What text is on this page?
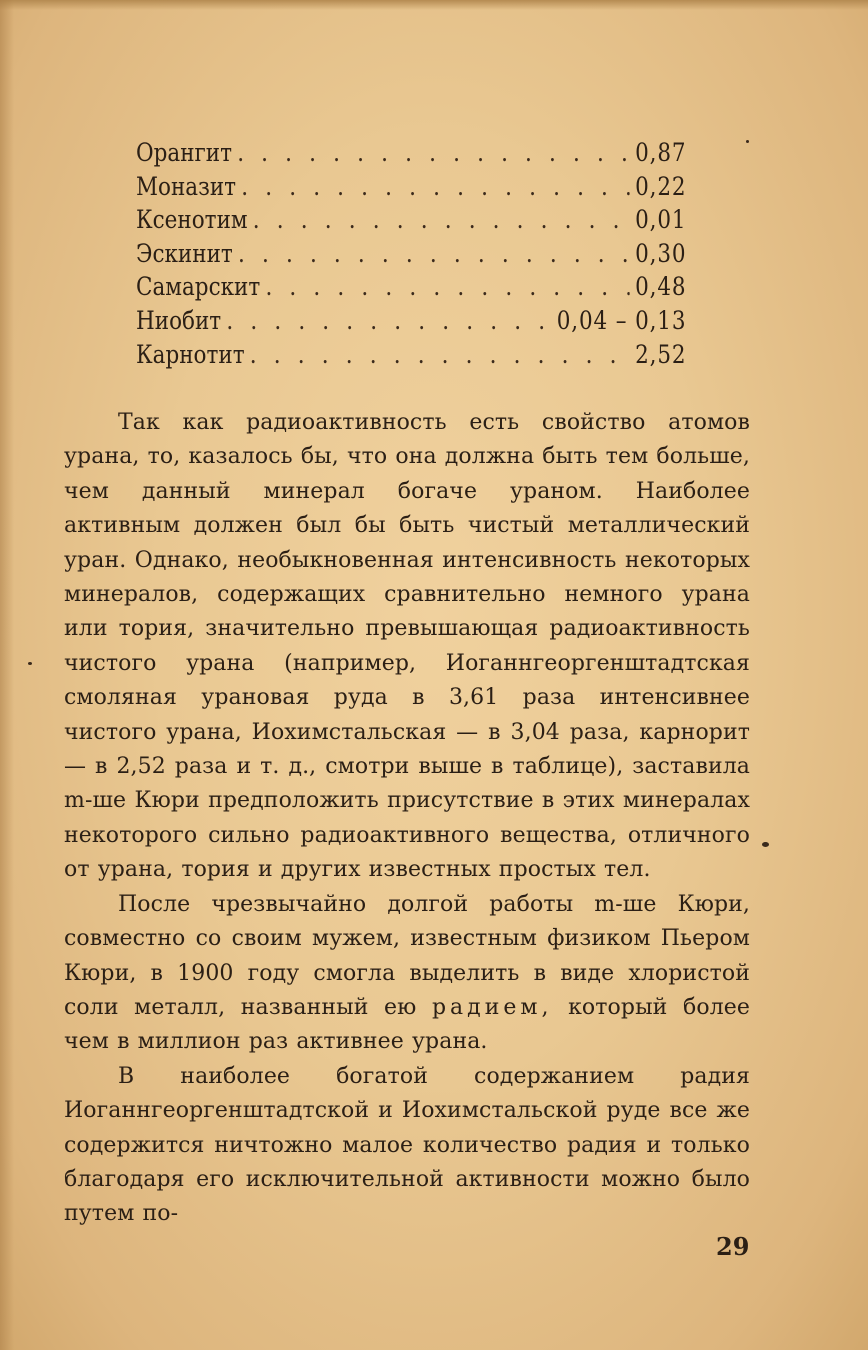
Орангит . . .	0,87
Моназит . . .	0,22
Ксенотим . . .	0,01
Эскинит . . .	0,30
Самарскит . . .	0,48
Ниобит . . .	0,04 – 0,13
Карнотит . . .	2,52

Так как радиоактивность есть свойство атомов урана, то, казалось бы, что она должна быть тем больше, чем данный минерал богаче ураном. Наиболее активным должен был бы быть чистый металлический уран. Однако, необыкновенная интенсивность некоторых минералов, содержащих сравнительно немного урана или тория, значительно превышающая радиоактивность чистого урана (например, Иоганнгеоргенштадтская смоляная урановая руда в 3,61 раза интенсивнее чистого урана, Иохимстальская — в 3,04 раза, карнорит — в 2,52 раза и т. д., смотри выше в таблице), заставила m-ше Кюри предположить присутствие в этих минералах некоторого сильно радиоактивного вещества, отличного от урана, тория и других известных простых тел.

После чрезвычайно долгой работы m-ше Кюри, совместно со своим мужем, известным физиком Пьером Кюри, в 1900 году смогла выделить в виде хлористой соли металл, названный ею радием, который более чем в миллион раз активнее урана.

В наиболее богатой содержанием радия Иоганнгеоргенштадтской и Иохимстальской руде все же содержится ничтожно малое количество радия и только благодаря его исключительной активности можно было путем по-

29
